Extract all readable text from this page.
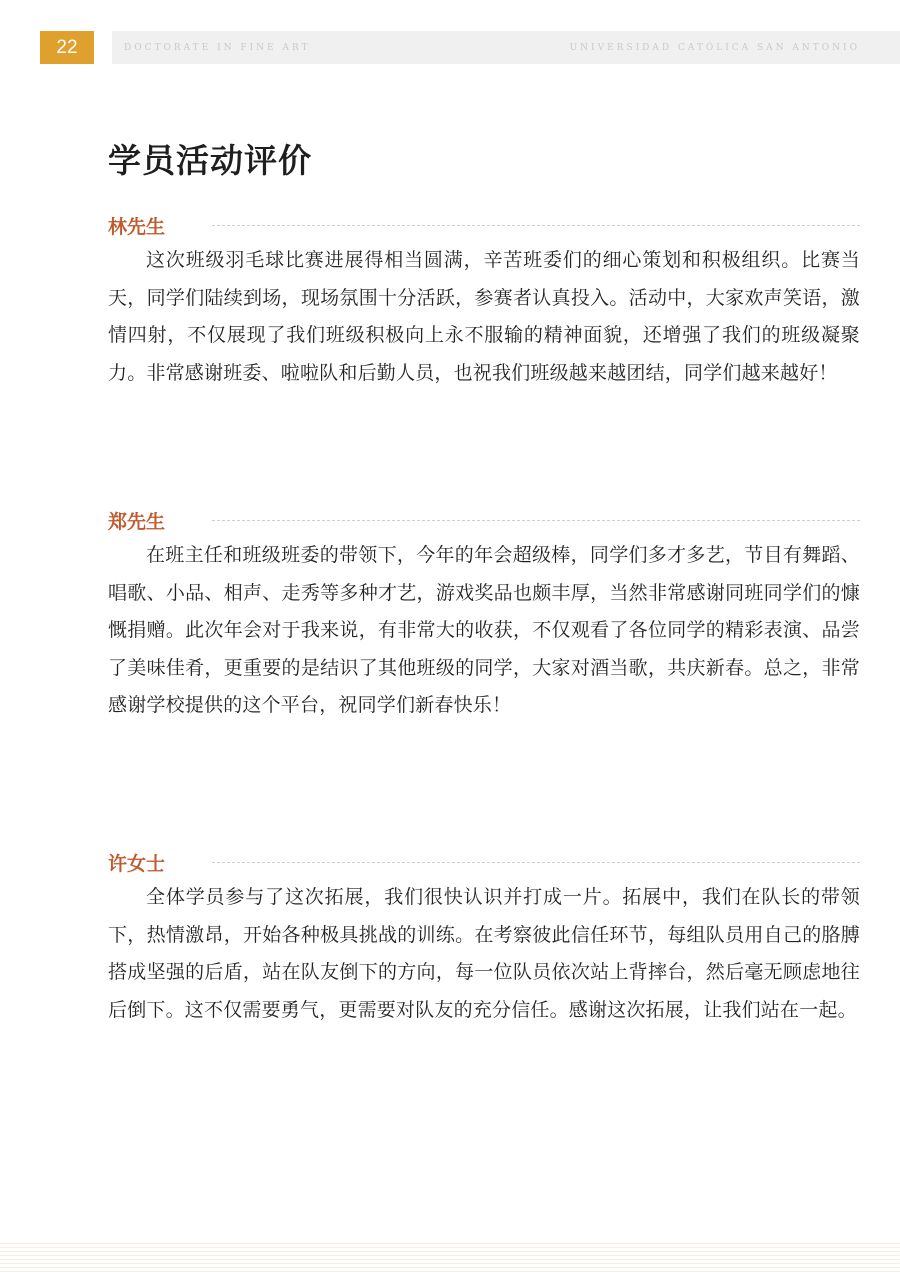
22	DOCTORATE IN FINE ART	UNIVERSIDAD CATÓLICA SAN ANTONIO
学员活动评价
林先生

这次班级羽毛球比赛进展得相当圆满，辛苦班委们的细心策划和积极组织。比赛当天，同学们陆续到场，现场氛围十分活跃，参赛者认真投入。活动中，大家欢声笑语，激情四射，不仅展现了我们班级积极向上永不服输的精神面貌，还增强了我们的班级凝聚力。非常感谢班委、啦啦队和后勤人员，也祝我们班级越来越团结，同学们越来越好！

郑先生

在班主任和班级班委的带领下，今年的年会超级棒，同学们多才多艺，节目有舞蹈、唱歌、小品、相声、走秀等多种才艺，游戏奖品也颇丰厚，当然非常感谢同班同学们的慷慨捐赠。此次年会对于我来说，有非常大的收获，不仅观看了各位同学的精彩表演、品尝了美味佳肴，更重要的是结识了其他班级的同学，大家对酒当歌，共庆新春。总之，非常感谢学校提供的这个平台，祝同学们新春快乐！

许女士

全体学员参与了这次拓展，我们很快认识并打成一片。拓展中，我们在队长的带领下，热情激昂，开始各种极具挑战的训练。在考察彼此信任环节，每组队员用自己的胳膊搭成坚强的后盾，站在队友倒下的方向，每一位队员依次站上背摔台，然后毫无顾虑地往后倒下。这不仅需要勇气，更需要对队友的充分信任。感谢这次拓展，让我们站在一起。
